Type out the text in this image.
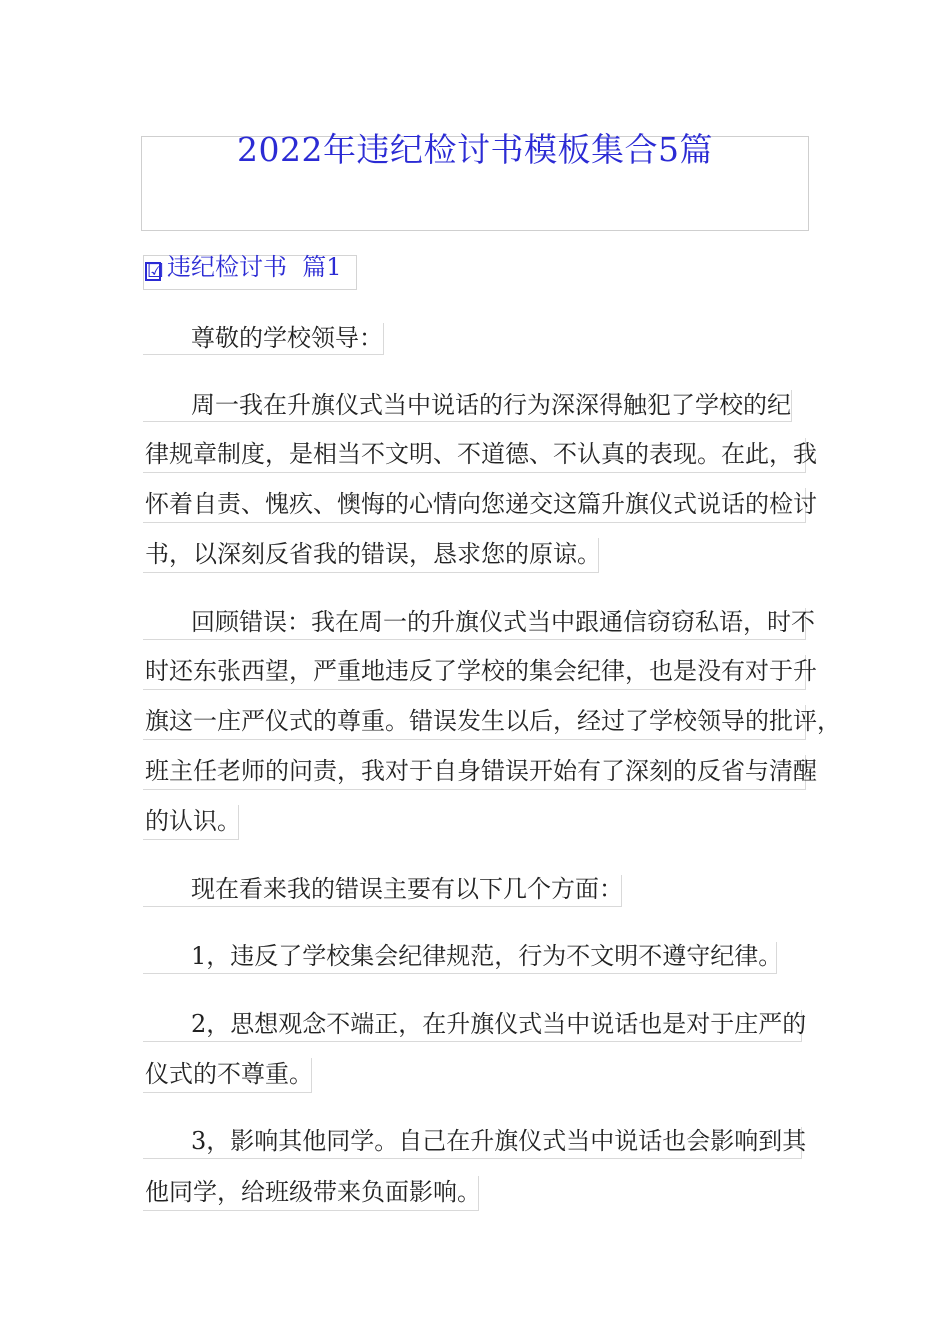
2022年违纪检讨书模板集合5篇
☑ 违纪检讨书  篇1
尊敬的学校领导：
周一我在升旗仪式当中说话的行为深深得触犯了学校的纪
律规章制度，是相当不文明、不道德、不认真的表现。在此，我
怀着自责、愧疚、懊悔的心情向您递交这篇升旗仪式说话的检讨
书，以深刻反省我的错误，恳求您的原谅。
回顾错误：我在周一的升旗仪式当中跟通信窃窃私语，时不
时还东张西望，严重地违反了学校的集会纪律，也是没有对于升
旗这一庄严仪式的尊重。错误发生以后，经过了学校领导的批评，
班主任老师的问责，我对于自身错误开始有了深刻的反省与清醒
的认识。
现在看来我的错误主要有以下几个方面：
1，违反了学校集会纪律规范，行为不文明不遵守纪律。
2，思想观念不端正，在升旗仪式当中说话也是对于庄严的
仪式的不尊重。
3，影响其他同学。自己在升旗仪式当中说话也会影响到其
他同学，给班级带来负面影响。
